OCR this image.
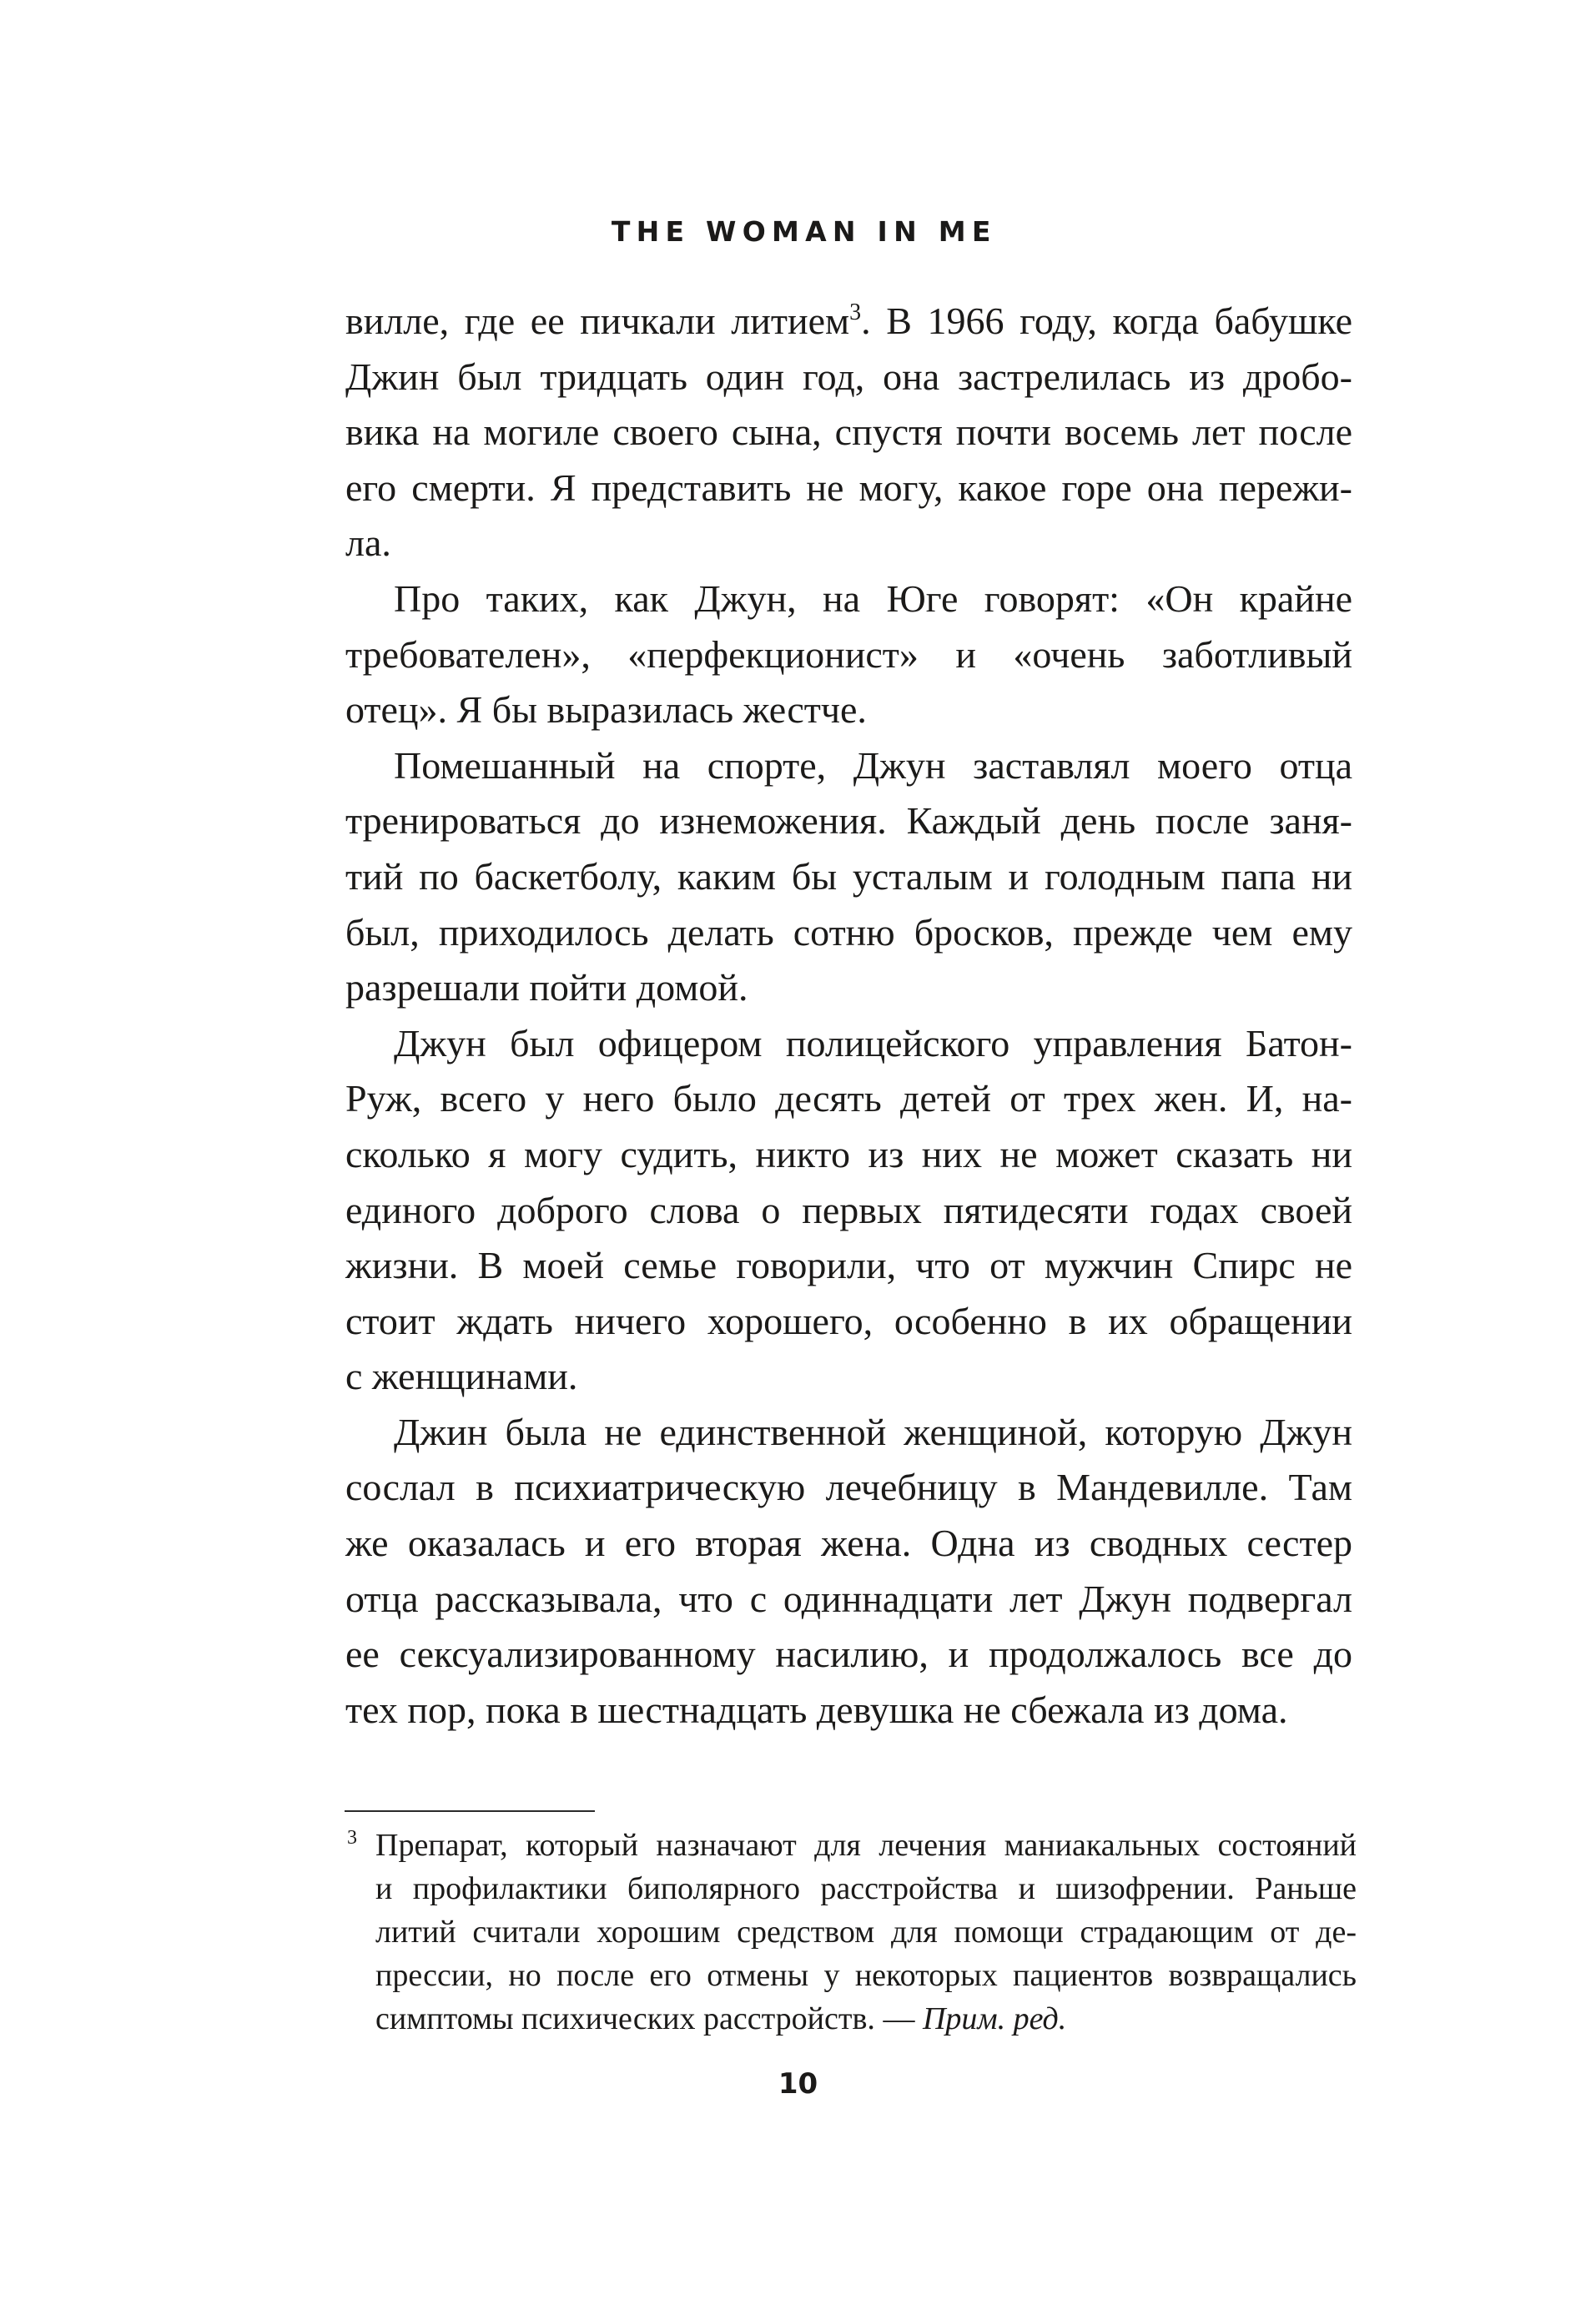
THE WOMAN IN ME
вилле, где ее пичкали литием$^3$. В 1966 году, когда бабушке
Джин был тридцать один год, она застрелилась из дробо-
вика на могиле своего сына, спустя почти восемь лет после
его смерти. Я представить не могу, какое горе она пережи-
ла.
Про таких, как Джун, на Юге говорят: «Он крайне
требователен», «перфекционист» и «очень заботливый
отец». Я бы выразилась жестче.
Помешанный на спорте, Джун заставлял моего отца
тренироваться до изнеможения. Каждый день после заня-
тий по баскетболу, каким бы усталым и голодным папа ни
был, приходилось делать сотню бросков, прежде чем ему
разрешали пойти домой.
Джун был офицером полицейского управления Батон-
Руж, всего у него было десять детей от трех жен. И, на-
сколько я могу судить, никто из них не может сказать ни
единого доброго слова о первых пятидесяти годах своей
жизни. В моей семье говорили, что от мужчин Спирс не
стоит ждать ничего хорошего, особенно в их обращении
с женщинами.
Джин была не единственной женщиной, которую Джун
сослал в психиатрическую лечебницу в Мандевилле. Там
же оказалась и его вторая жена. Одна из сводных сестер
отца рассказывала, что с одиннадцати лет Джун подвергал
ее сексуализированному насилию, и продолжалось все до
тех пор, пока в шестнадцать девушка не сбежала из дома.
3 Препарат, который назначают для лечения маниакальных состояний
и профилактики биполярного расстройства и шизофрении. Раньше
литий считали хорошим средством для помощи страдающим от де-
прессии, но после его отмены у некоторых пациентов возвращались
симптомы психических расстройств. — Прим. ред.
10
